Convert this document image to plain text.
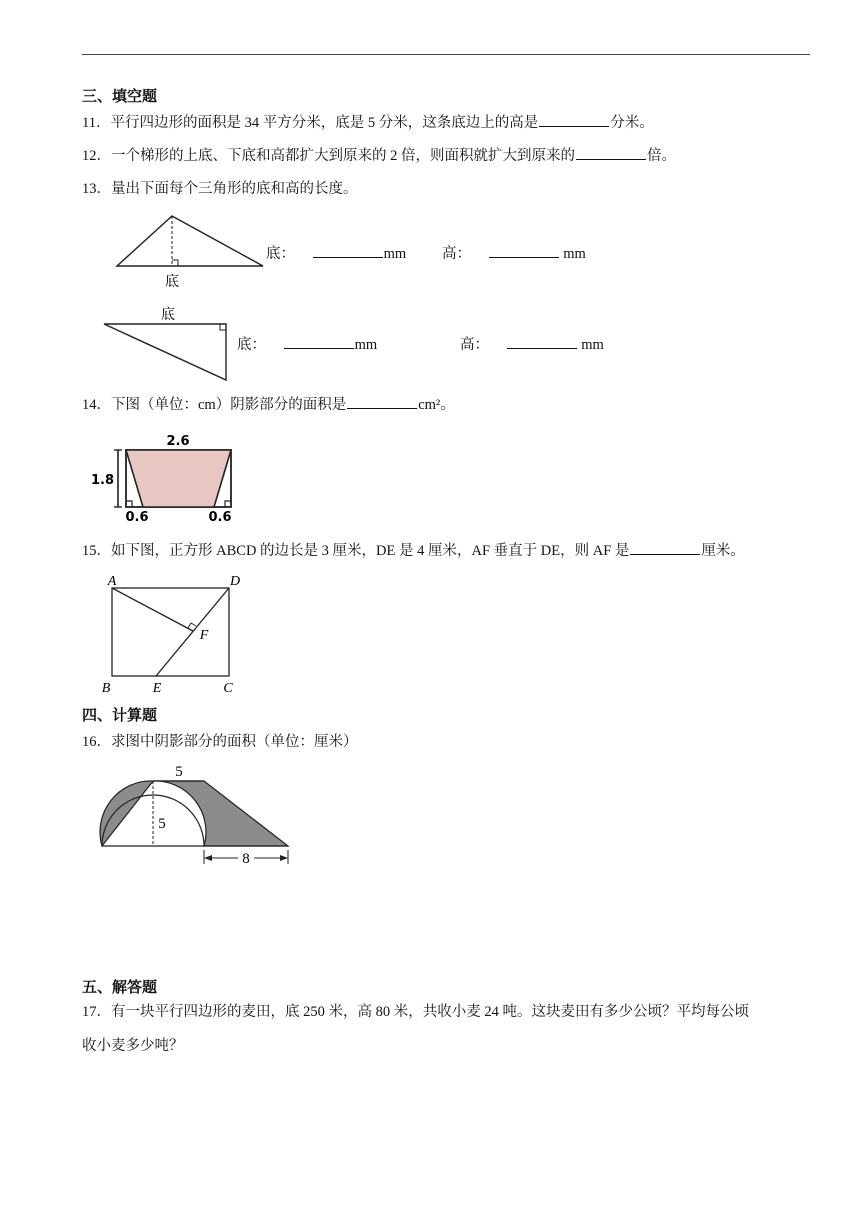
三、填空题
11．平行四边形的面积是 34 平方分米，底是 5 分米，这条底边上的高是	分米。
12．一个梯形的上底、下底和高都扩大到原来的 2 倍，则面积就扩大到原来的	倍。
13．量出下面每个三角形的底和高的长度。
底
底：	mm 高：	mm
底
底：	mm	高：	mm
14．下图（单位：cm）阴影部分的面积是	cm²。
2.6
1.8
0.6	0.6
15．如下图，正方形 ABCD 的边长是 3 厘米，DE 是 4 厘米，AF 垂直于 DE，则 AF 是	厘米。
A	D
B	E	C
F
四、计算题
16．求图中阴影部分的面积（单位：厘米）
5
5
8
五、解答题
17．有一块平行四边形的麦田，底 250 米，高 80 米，共收小麦 24 吨。这块麦田有多少公顷？平均每公顷
收小麦多少吨？
